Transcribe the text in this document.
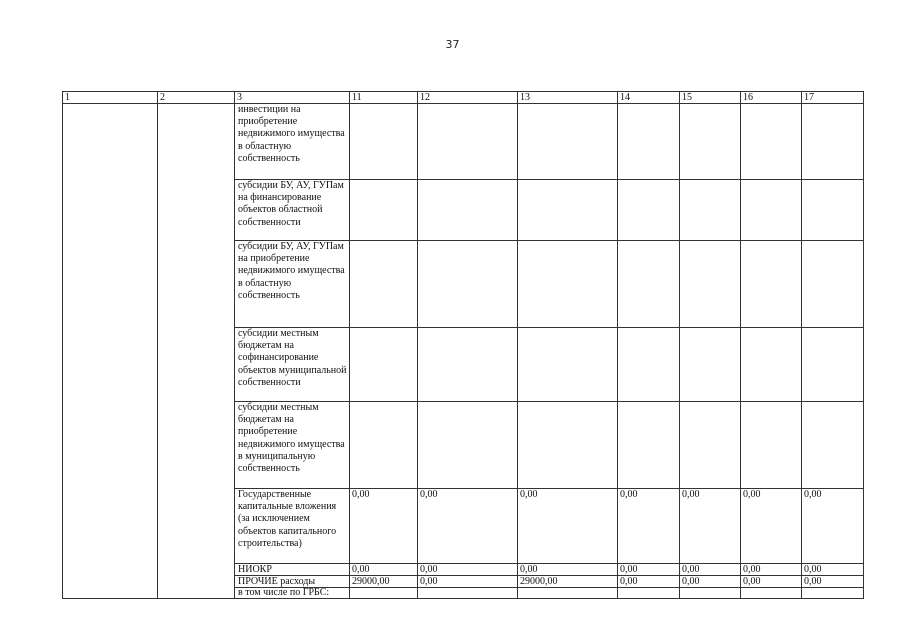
37
1	2	3	11	12	13	14	15	16	17
		инвестиции на приобретение недвижимого имущества в областную собственность							
		субсидии БУ, АУ, ГУПам на финансирование объектов областной собственности							
		субсидии БУ, АУ, ГУПам на приобретение недвижимого имущества в областную собственность							
		субсидии местным бюджетам на софинансирование объектов муниципальной собственности							
		субсидии местным бюджетам на приобретение недвижимого имущества в муниципальную собственность							
		Государственные капитальные вложения (за исключением объектов капитального строительства)	0,00	0,00	0,00	0,00	0,00	0,00	0,00
		НИОКР	0,00	0,00	0,00	0,00	0,00	0,00	0,00
		ПРОЧИЕ расходы	29000,00	0,00	29000,00	0,00	0,00	0,00	0,00
		в том числе по ГРБС:							
